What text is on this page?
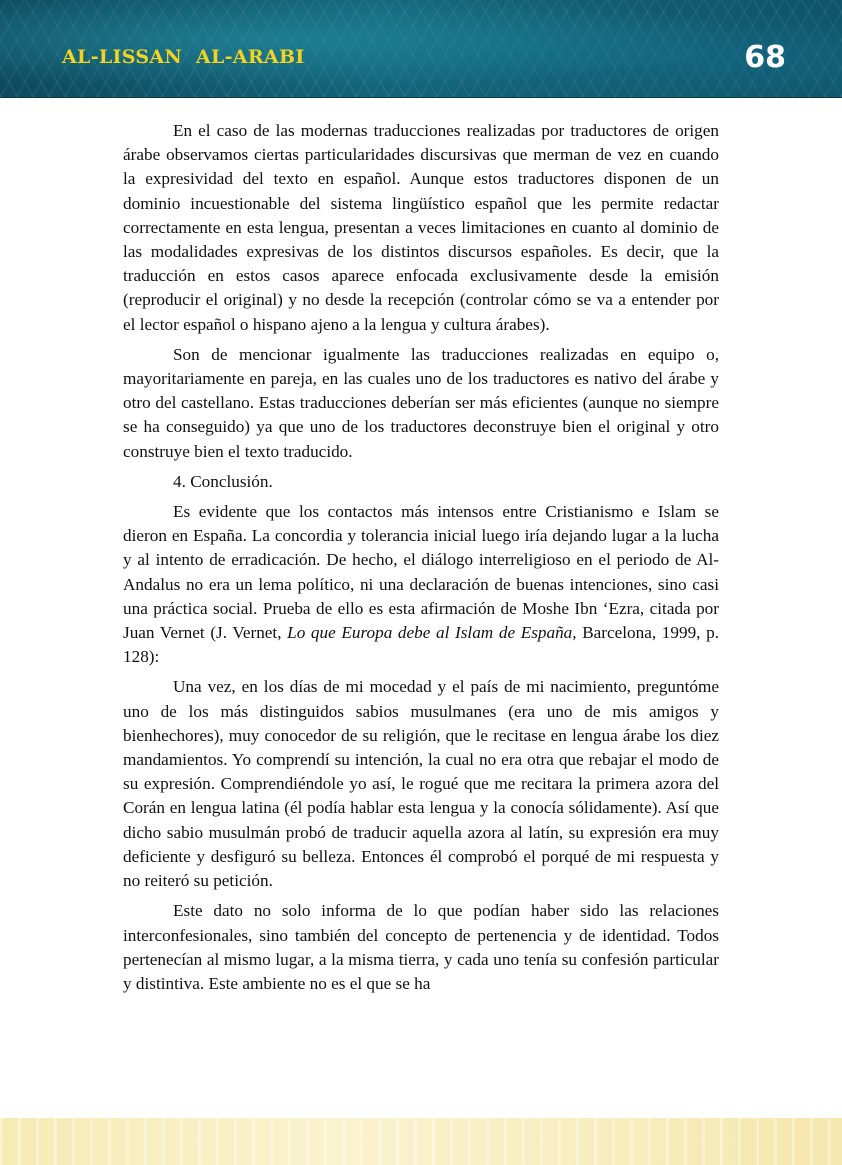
AL-LISSAN  AL-ARABI	68

En el caso de las modernas traducciones realizadas por traductores de origen árabe observamos ciertas particularidades discursivas que merman de vez en cuando la expresividad del texto en español. Aunque estos traductores disponen de un dominio incuestionable del sistema lingüístico español que les permite redactar correctamente en esta lengua, presentan a veces limitaciones en cuanto al dominio de las modalidades expresivas de los distintos discursos españoles. Es decir, que la traducción en estos casos aparece enfocada exclusivamente desde la emisión (reproducir el original) y no desde la recepción (controlar cómo se va a entender por el lector español o hispano ajeno a la lengua y cultura árabes).

Son de mencionar igualmente las traducciones realizadas en equipo o, mayoritariamente en pareja, en las cuales uno de los traductores es nativo del árabe y otro del castellano. Estas traducciones deberían ser más eficientes (aunque no siempre se ha conseguido) ya que uno de los traductores deconstruye bien el original y otro construye bien el texto traducido.

4. Conclusión.

Es evidente que los contactos más intensos entre Cristianismo e Islam se dieron en España. La concordia y tolerancia inicial luego iría dejando lugar a la lucha y al intento de erradicación. De hecho, el diálogo interreligioso en el periodo de Al-Andalus no era un lema político, ni una declaración de buenas intenciones, sino casi una práctica social. Prueba de ello es esta afirmación de Moshe Ibn ‘Ezra, citada por Juan Vernet (J. Vernet, Lo que Europa debe al Islam de España, Barcelona, 1999, p. 128):

Una vez, en los días de mi mocedad y el país de mi nacimiento, preguntóme uno de los más distinguidos sabios musulmanes (era uno de mis amigos y bienhechores), muy conocedor de su religión, que le recitase en lengua árabe los diez mandamientos. Yo comprendí su intención, la cual no era otra que rebajar el modo de su expresión. Comprendiéndole yo así, le rogué que me recitara la primera azora del Corán en lengua latina (él podía hablar esta lengua y la conocía sólidamente). Así que dicho sabio musulmán probó de traducir aquella azora al latín, su expresión era muy deficiente y desfiguró su belleza. Entonces él comprobó el porqué de mi respuesta y no reiteró su petición.

Este dato no solo informa de lo que podían haber sido las relaciones interconfesionales, sino también del concepto de pertenencia y de identidad. Todos pertenecían al mismo lugar, a la misma tierra, y cada uno tenía su confesión particular y distintiva. Este ambiente no es el que se ha
